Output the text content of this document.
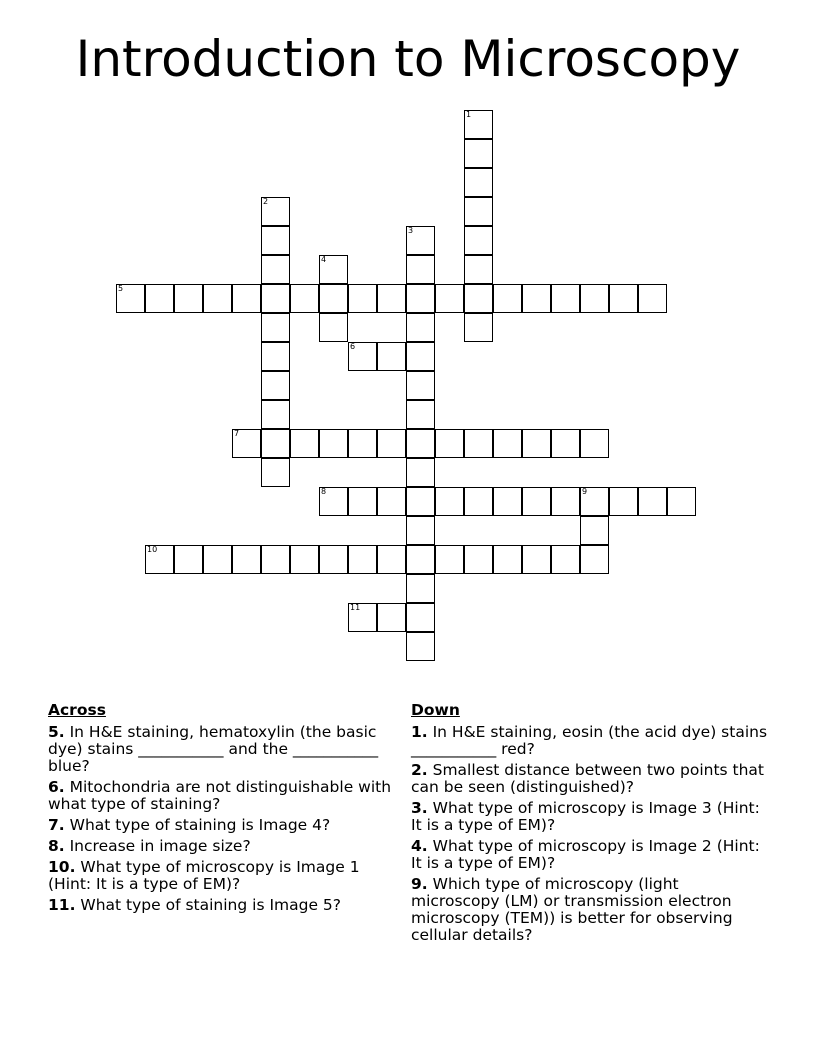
Introduction to Microscopy
5
6
7
8	9
10
11
1
2
3
4
Across
5. In H&E staining, hematoxylin (the basic dye) stains ___________ and the ___________ blue?
6. Mitochondria are not distinguishable with what type of staining?
7. What type of staining is Image 4?
8. Increase in image size?
10. What type of microscopy is Image 1 (Hint: It is a type of EM)?
11. What type of staining is Image 5?
Down
1. In H&E staining, eosin (the acid dye) stains ___________ red?
2. Smallest distance between two points that can be seen (distinguished)?
3. What type of microscopy is Image 3 (Hint: It is a type of EM)?
4. What type of microscopy is Image 2 (Hint: It is a type of EM)?
9. Which type of microscopy (light microscopy (LM) or transmission electron microscopy (TEM)) is better for observing cellular details?
